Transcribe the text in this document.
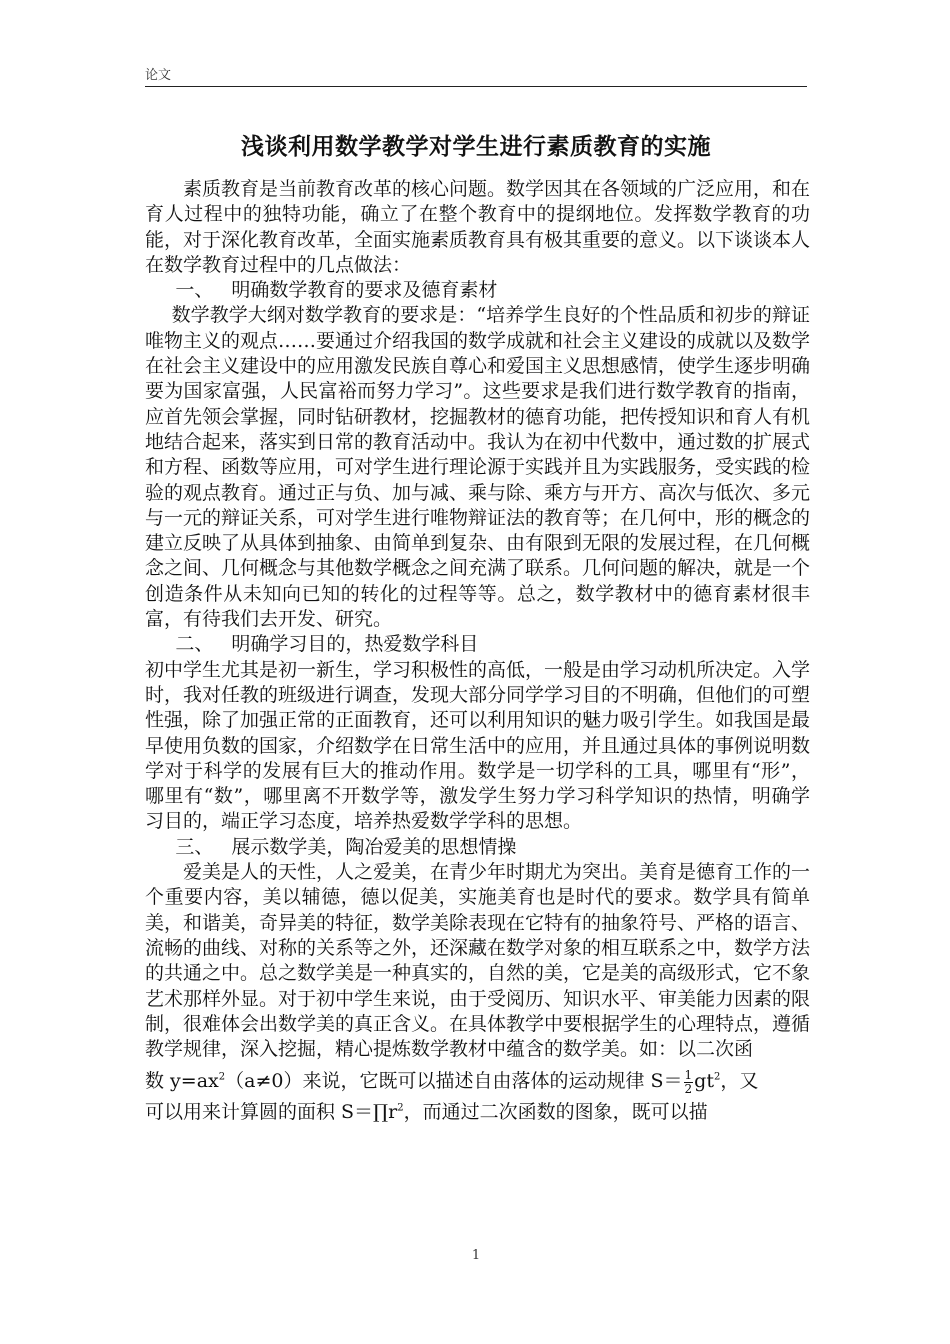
论文
浅谈利用数学教学对学生进行素质教育的实施

素质教育是当前教育改革的核心问题。数学因其在各领域的广泛应用，和在育人过程中的独特功能，确立了在整个教育中的提纲地位。发挥数学教育的功能，对于深化教育改革，全面实施素质教育具有极其重要的意义。以下谈谈本人在数学教育过程中的几点做法：

一、 明确数学教育的要求及德育素材

数学教学大纲对数学教育的要求是：“培养学生良好的个性品质和初步的辩证唯物主义的观点……要通过介绍我国的数学成就和社会主义建设的成就以及数学在社会主义建设中的应用激发民族自尊心和爱国主义思想感情，使学生逐步明确要为国家富强，人民富裕而努力学习”。这些要求是我们进行数学教育的指南，应首先领会掌握，同时钻研教材，挖掘教材的德育功能，把传授知识和育人有机地结合起来，落实到日常的教育活动中。我认为在初中代数中，通过数的扩展式和方程、函数等应用，可对学生进行理论源于实践并且为实践服务，受实践的检验的观点教育。通过正与负、加与减、乘与除、乘方与开方、高次与低次、多元与一元的辩证关系，可对学生进行唯物辩证法的教育等；在几何中，形的概念的建立反映了从具体到抽象、由简单到复杂、由有限到无限的发展过程，在几何概念之间、几何概念与其他数学概念之间充满了联系。几何问题的解决，就是一个创造条件从未知向已知的转化的过程等等。总之，数学教材中的德育素材很丰富，有待我们去开发、研究。

二、 明确学习目的，热爱数学科目

初中学生尤其是初一新生，学习积极性的高低，一般是由学习动机所决定。入学时，我对任教的班级进行调查，发现大部分同学学习目的不明确，但他们的可塑性强，除了加强正常的正面教育，还可以利用知识的魅力吸引学生。如我国是最早使用负数的国家，介绍数学在日常生活中的应用，并且通过具体的事例说明数学对于科学的发展有巨大的推动作用。数学是一切学科的工具，哪里有“形”，哪里有“数”，哪里离不开数学等，激发学生努力学习科学知识的热情，明确学习目的，端正学习态度，培养热爱数学学科的思想。

三、 展示数学美，陶冶爱美的思想情操

爱美是人的天性，人之爱美，在青少年时期尤为突出。美育是德育工作的一个重要内容，美以辅德，德以促美，实施美育也是时代的要求。数学具有简单美，和谐美，奇异美的特征，数学美除表现在它特有的抽象符号、严格的语言、流畅的曲线、对称的关系等之外，还深藏在数学对象的相互联系之中，数学方法的共通之中。总之数学美是一种真实的，自然的美，它是美的高级形式，它不象艺术那样外显。对于初中学生来说，由于受阅历、知识水平、审美能力因素的限制，很难体会出数学美的真正含义。在具体教学中要根据学生的心理特点，遵循教学规律，深入挖掘，精心提炼数学教材中蕴含的数学美。如：以二次函

数 $y=ax^2(a\ne 0)$来说，它既可以描述自由落体的运动规律 $S= \frac{1}{2} gt^2$，又

可以用来计算圆的面积 $S=\prod r^2$，而通过二次函数的图象，既可以描

1
